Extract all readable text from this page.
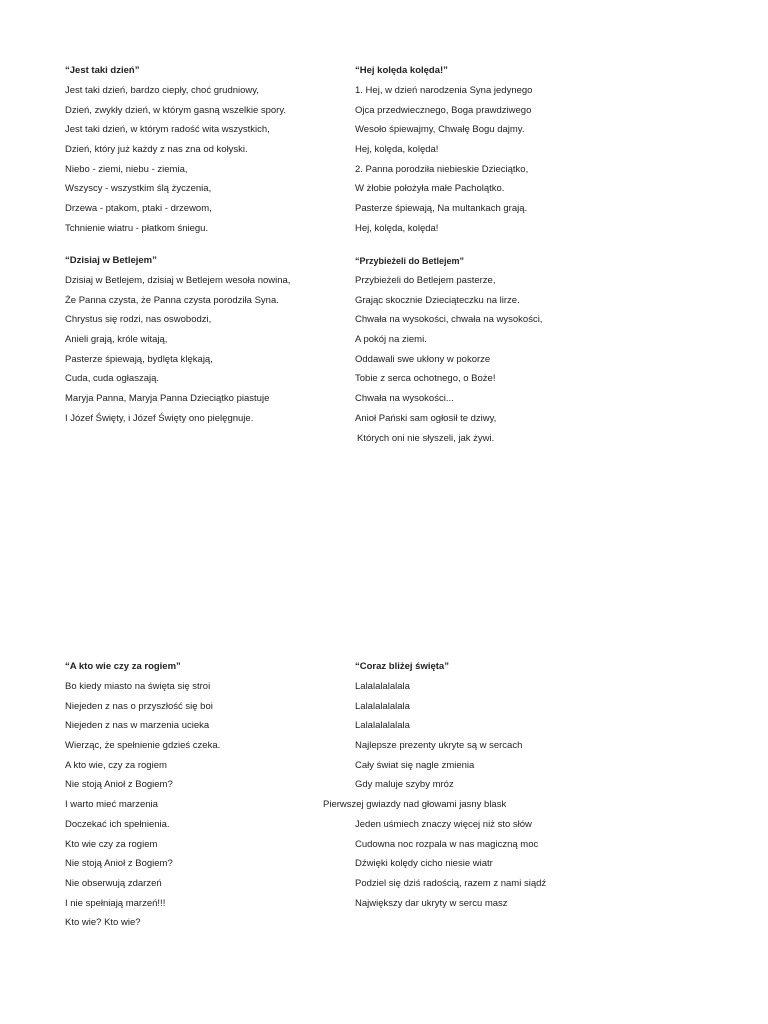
“Jest taki dzień”
Jest taki dzień, bardzo ciepły, choć grudniowy,
Dzień, zwykły dzień, w którym gasną wszelkie spory.
Jest taki dzień, w którym radość wita wszystkich,
Dzień, który już każdy z nas zna od kołyski.
Niebo - ziemi, niebu - ziemia,
Wszyscy - wszystkim ślą życzenia,
Drzewa - ptakom, ptaki - drzewom,
Tchnienie wiatru - płatkom śniegu.
“Hej kolęda kolęda!”
1. Hej, w dzień narodzenia Syna jedynego
Ojca przedwiecznego, Boga prawdziwego
Wesoło śpiewajmy, Chwałę Bogu dajmy.
Hej, kolęda, kolęda!
2. Panna porodziła niebieskie Dzieciątko,
W żłobie położyła małe Pacholątko.
Pasterze śpiewają, Na multankach grają.
Hej, kolęda, kolęda!
“Dzisiaj w Betlejem”
Dzisiaj w Betlejem, dzisiaj w Betlejem wesoła nowina,
Że Panna czysta, że Panna czysta porodziła Syna.
Chrystus się rodzi, nas oswobodzi,
Anieli grają, króle witają,
Pasterze śpiewają, bydlęta klękają,
Cuda, cuda ogłaszają.
Maryja Panna, Maryja Panna Dzieciątko piastuje
I Józef Święty, i Józef Święty ono pielęgnuje.
“Przybieżeli do Betlejem”
Przybieżeli do Betlejem pasterze,
Grając skocznie Dzieciąteczku na lirze.
Chwała na wysokości, chwała na wysokości,
A pokój na ziemi.
Oddawali swe ukłony w pokorze
Tobie z serca ochotnego, o Boże!
Chwała na wysokości...
Anioł Pański sam ogłosił te dziwy,
Których oni nie słyszeli, jak żywi.
“A kto wie czy za rogiem”
Bo kiedy miasto na święta się stroi
Niejeden z nas o przyszłość się boi
Niejeden z nas w marzenia ucieka
Wierząc, że spełnienie gdzieś czeka.
A kto wie, czy za rogiem
Nie stoją Anioł z Bogiem?
I warto mieć marzenia
Doczekać ich spełnienia.
Kto wie czy za rogiem
Nie stoją Anioł z Bogiem?
Nie obserwują zdarzeń
I nie spełniają marzeń!!!
Kto wie? Kto wie?
“Coraz bliżej święta”
Lalalalalalala
Lalalalalalala
Lalalalalalala
Najlepsze prezenty ukryte są w sercach
Cały świat się nagle zmienia
Gdy maluje szyby mróz
Pierwszej gwiazdy nad głowami jasny blask
Jeden uśmiech znaczy więcej niż sto słów
Cudowna noc rozpala w nas magiczną moc
Dźwięki kolędy cicho niesie wiatr
Podziel się dziś radością, razem z nami siądź
Największy dar ukryty w sercu masz
